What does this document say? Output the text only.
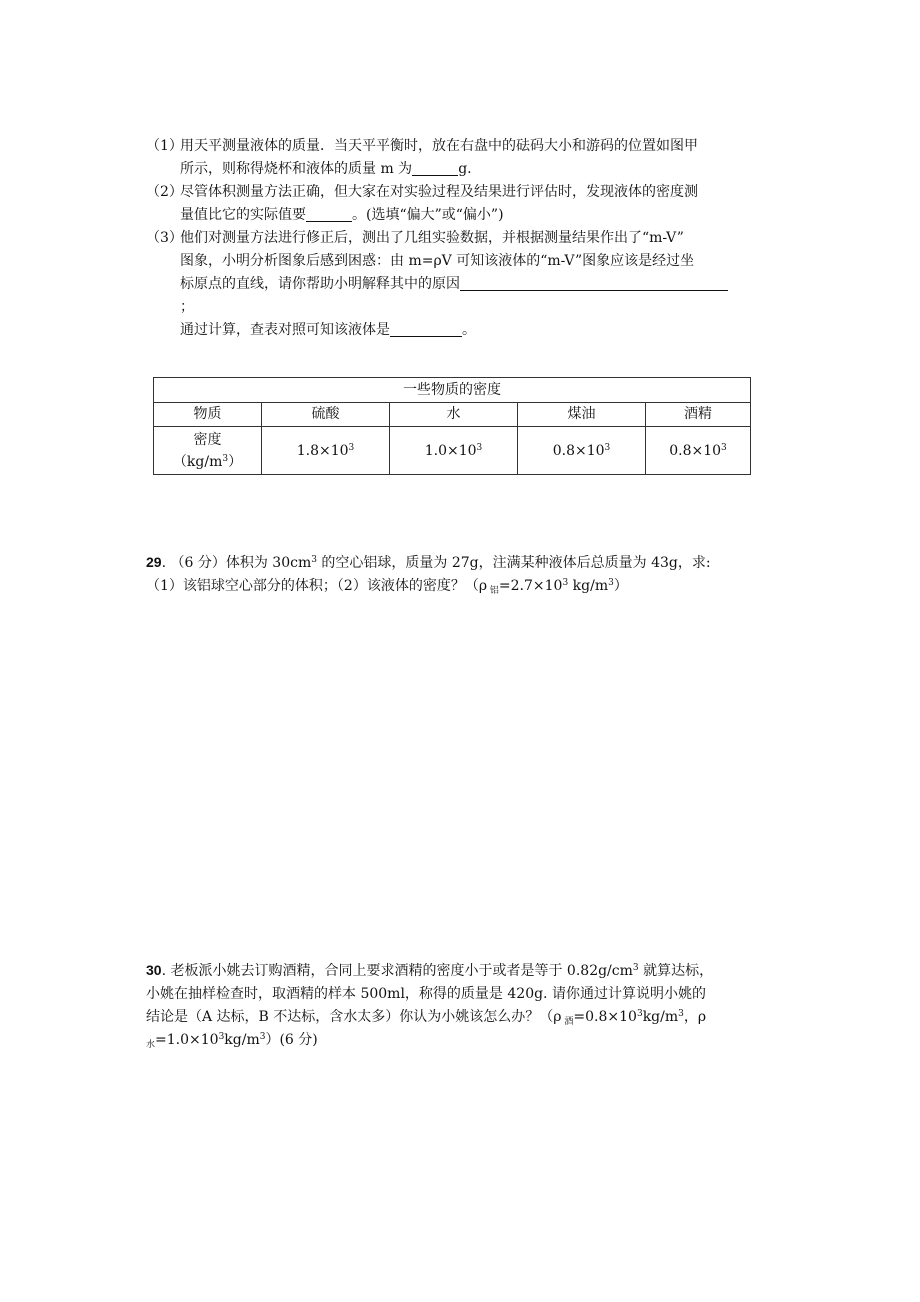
（1）
用天平测量液体的质量．当天平平衡时，放在右盘中的砝码大小和游码的位置如图甲
所示，则称得烧杯和液体的质量 m 为	g.
（2）
尽管体积测量方法正确，但大家在对实验过程及结果进行评估时，发现液体的密度测
量值比它的实际值要	。(选填“偏大”或“偏小”)
（3）
他们对测量方法进行修正后，测出了几组实验数据，并根据测量结果作出了“m-V”
图象，小明分析图象后感到困惑：由 m=ρV 可知该液体的“m-V”图象应该是经过坐
标原点的直线，请你帮助小明解释其中的原因
；
通过计算，查表对照可知该液体是	。
一些物质的密度				
物质	硫酸	水	煤油	酒精
密度
$(kg/m^3)$	$1.8\times 10^3$	$1.0\times 10^3$	$0.8\times 10^3$	$0.8\times 10^3$
29. （6 分）体积为 $30cm^3$ 的空心铝球，质量为 27g，注满某种液体后总质量为 43g，求:
（1）该铝球空心部分的体积；（2）该液体的密度？（ρ $_铝=2.7\times 10^3$ $kg/m^3$）
30. 老板派小姚去订购酒精，合同上要求酒精的密度小于或者是等于 $0.82g/cm^3$ 就算达标，
小姚在抽样检查时，取酒精的样本 500ml，称得的质量是 420g. 请你通过计算说明小姚的
结论是（A 达标，B 不达标，含水太多）你认为小姚该怎么办？（ρ $_酒=0.8\times 10^3kg/m^3$，ρ
$_水=1.0\times 10^3kg/m^3)(6$ 分)
